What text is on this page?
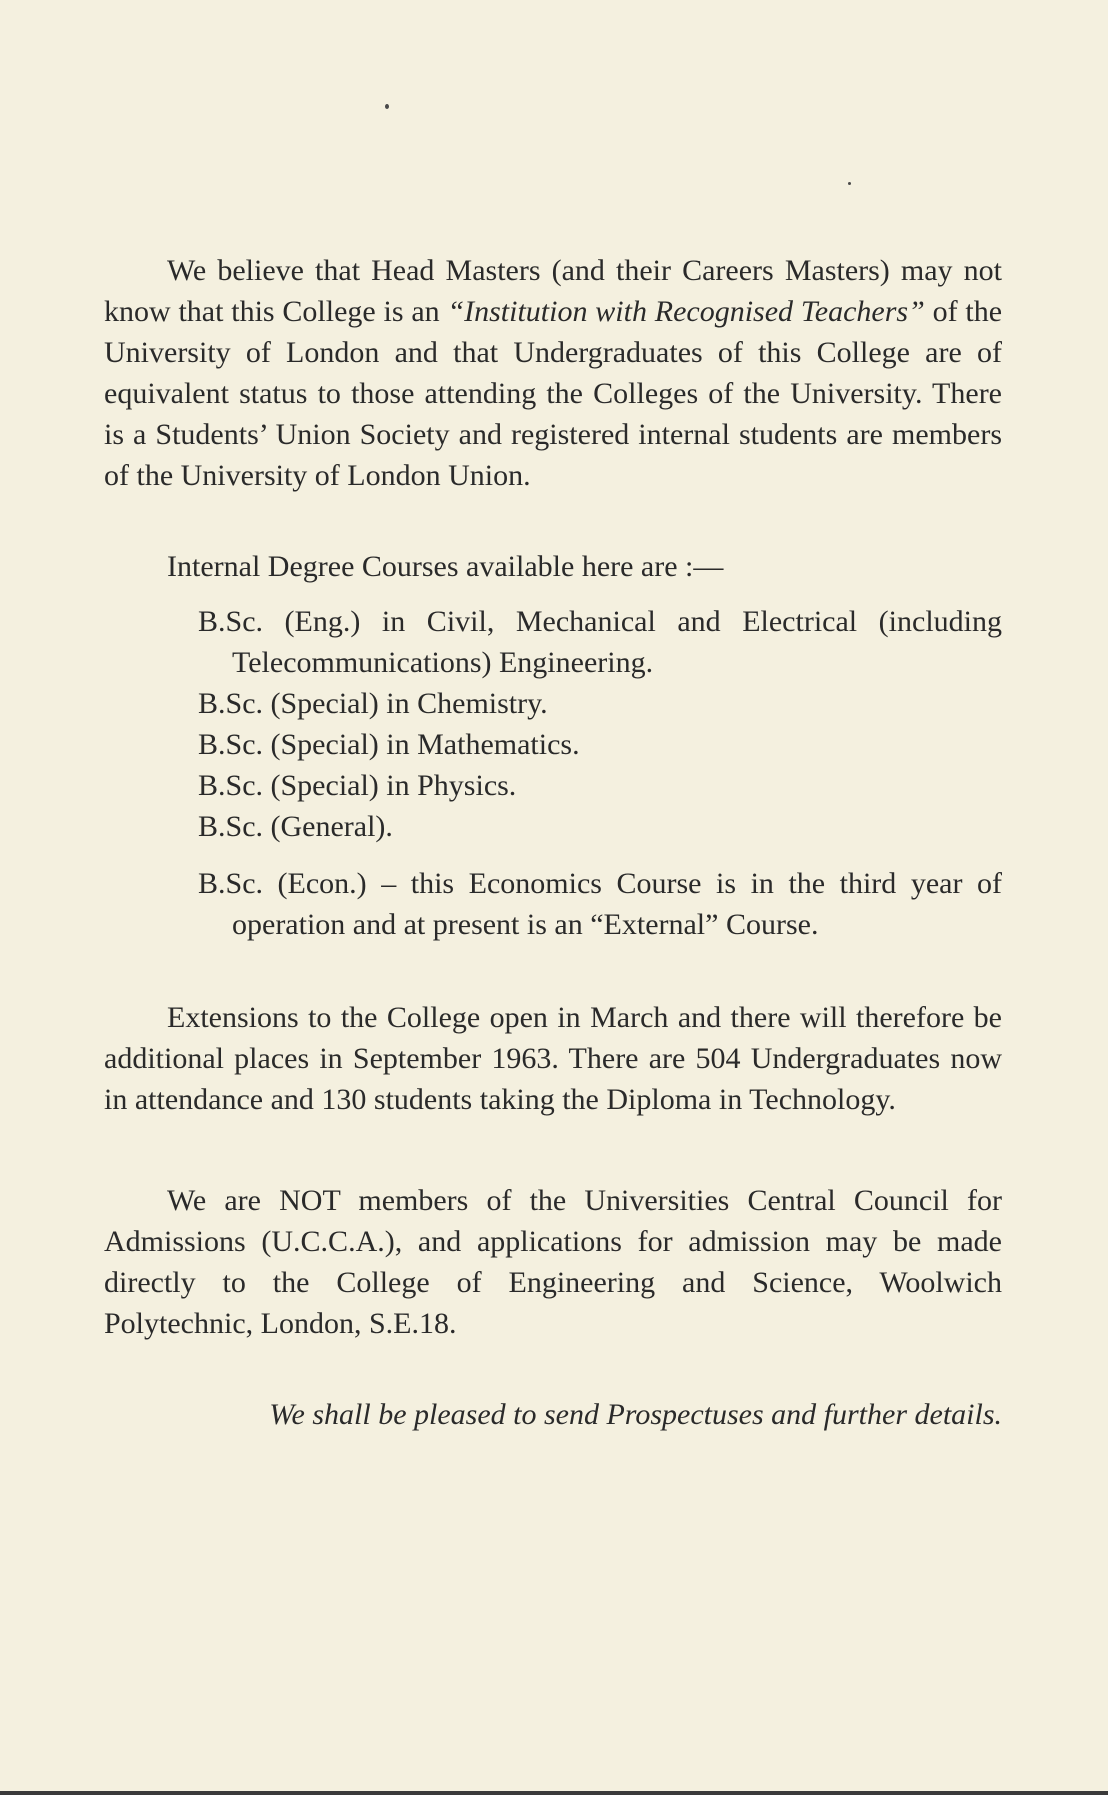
We believe that Head Masters (and their Careers Masters) may not know that this College is an “Institution with Recognised Teachers” of the University of London and that Undergraduates of this College are of equivalent status to those attending the Colleges of the University. There is a Students’ Union Society and registered internal students are members of the University of London Union.

Internal Degree Courses available here are :—

B.Sc. (Eng.) in Civil, Mechanical and Electrical (including Telecommunications) Engineering.
B.Sc. (Special) in Chemistry.
B.Sc. (Special) in Mathematics.
B.Sc. (Special) in Physics.
B.Sc. (General).
B.Sc. (Econ.) – this Economics Course is in the third year of operation and at present is an “External” Course.

Extensions to the College open in March and there will therefore be additional places in September 1963. There are 504 Undergraduates now in attendance and 130 students taking the Diploma in Technology.

We are NOT members of the Universities Central Council for Admissions (U.C.C.A.), and applications for admission may be made directly to the College of Engineering and Science, Woolwich Polytechnic, London, S.E.18.

We shall be pleased to send Prospectuses and further details.
